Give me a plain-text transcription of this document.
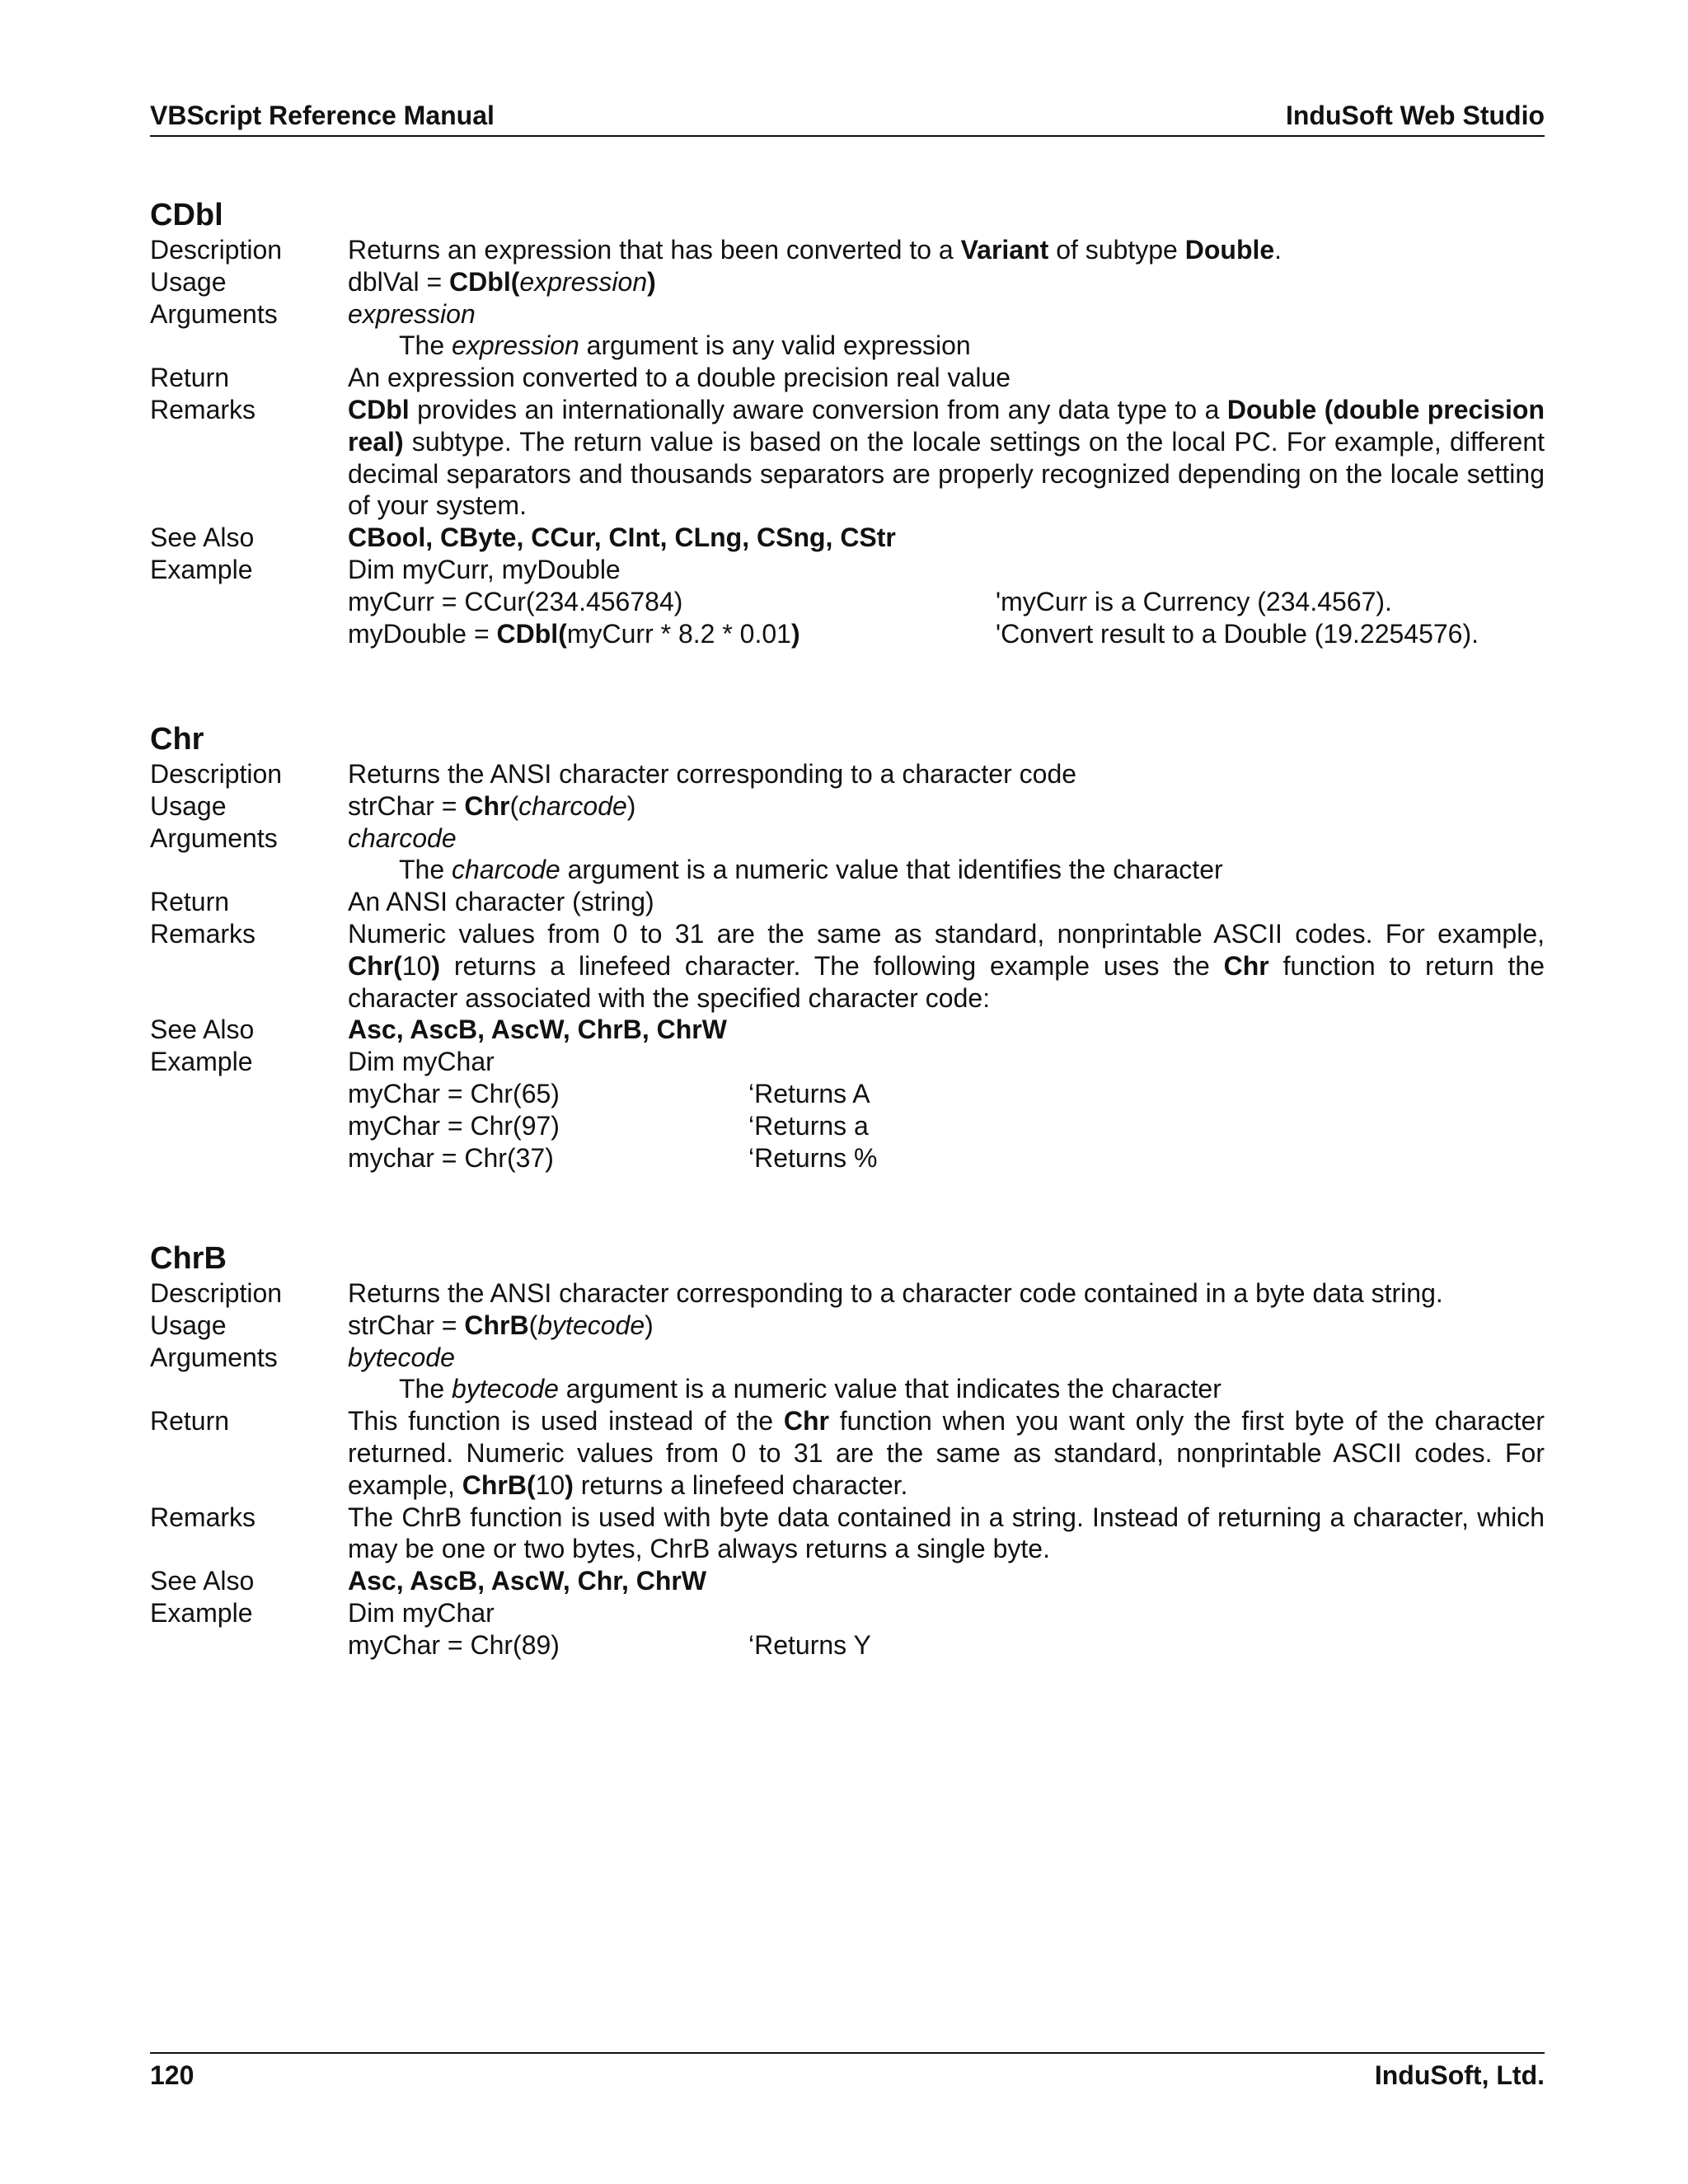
VBScript Reference Manual	InduSoft Web Studio
CDbl
Description	Returns an expression that has been converted to a Variant of subtype Double.
Usage	dblVal = CDbl(expression)
Arguments	expression
The expression argument is any valid expression
Return	An expression converted to a double precision real value
Remarks	CDbl provides an internationally aware conversion from any data type to a Double (double precision real) subtype. The return value is based on the locale settings on the local PC. For example, different decimal separators and thousands separators are properly recognized depending on the locale setting of your system.
See Also	CBool, CByte, CCur, CInt, CLng, CSng, CStr
Example	Dim myCurr, myDouble
myCurr = CCur(234.456784)	'myCurr is a Currency (234.4567).
myDouble = CDbl(myCurr * 8.2 * 0.01)	'Convert result to a Double (19.2254576).
Chr
Description	Returns the ANSI character corresponding to a character code
Usage	strChar = Chr(charcode)
Arguments	charcode
The charcode argument is a numeric value that identifies the character
Return	An ANSI character (string)
Remarks	Numeric values from 0 to 31 are the same as standard, nonprintable ASCII codes. For example, Chr(10) returns a linefeed character. The following example uses the Chr function to return the character associated with the specified character code:
See Also	Asc, AscB, AscW, ChrB, ChrW
Example	Dim myChar
myChar = Chr(65)	‘Returns A
myChar = Chr(97)	‘Returns a
mychar = Chr(37)	‘Returns %
ChrB
Description	Returns the ANSI character corresponding to a character code contained in a byte data string.
Usage	strChar = ChrB(bytecode)
Arguments	bytecode
The bytecode argument is a numeric value that indicates the character
Return	This function is used instead of the Chr function when you want only the first byte of the character returned. Numeric values from 0 to 31 are the same as standard, nonprintable ASCII codes. For example, ChrB(10) returns a linefeed character.
Remarks	The ChrB function is used with byte data contained in a string. Instead of returning a character, which may be one or two bytes, ChrB always returns a single byte.
See Also	Asc, AscB, AscW, Chr, ChrW
Example	Dim myChar
myChar = Chr(89)	‘Returns Y
120	InduSoft, Ltd.
